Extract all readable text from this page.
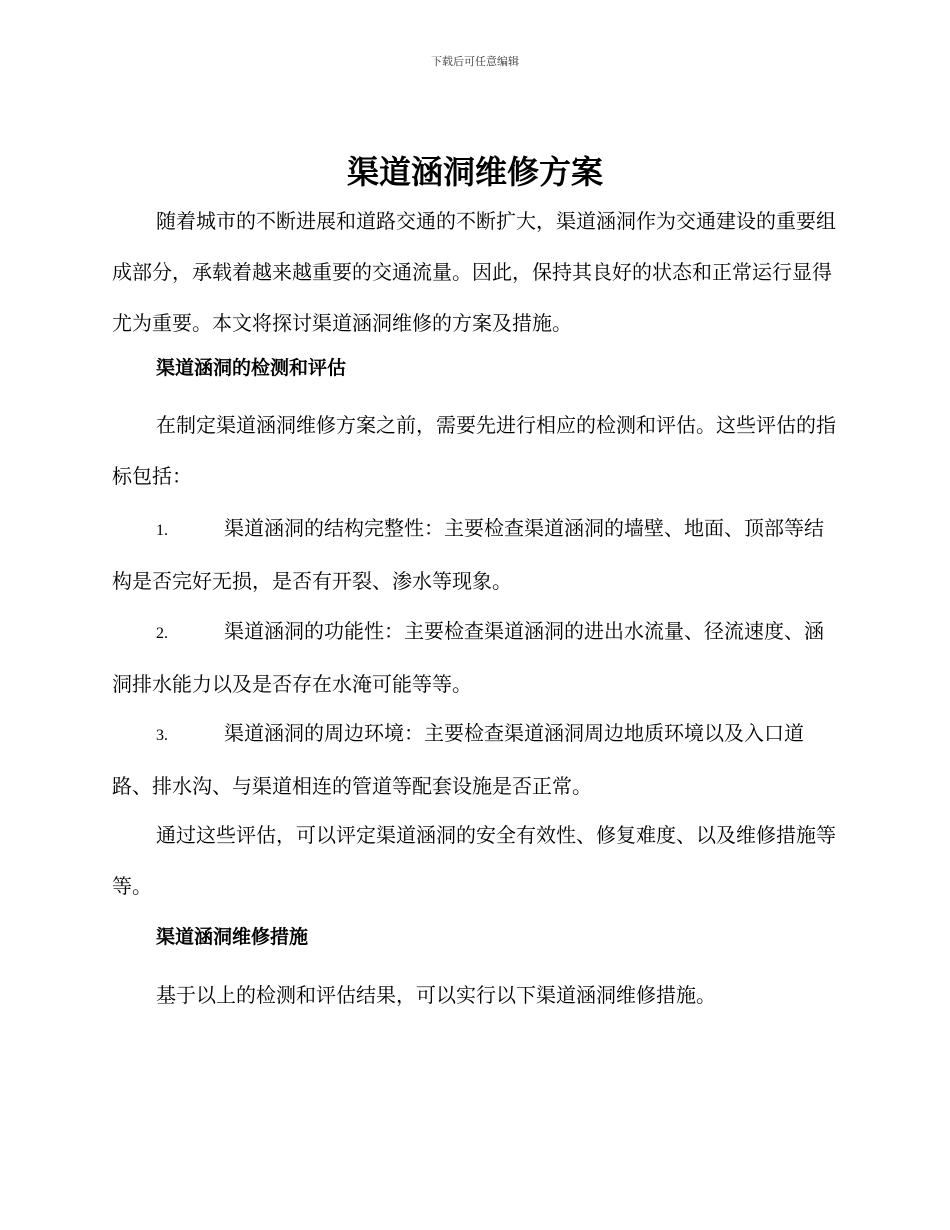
下载后可任意编辑
渠道涵洞维修方案

随着城市的不断进展和道路交通的不断扩大，渠道涵洞作为交通建设的重要组成部分，承载着越来越重要的交通流量。因此，保持其良好的状态和正常运行显得尤为重要。本文将探讨渠道涵洞维修的方案及措施。

渠道涵洞的检测和评估

在制定渠道涵洞维修方案之前，需要先进行相应的检测和评估。这些评估的指标包括：

1.	渠道涵洞的结构完整性：主要检查渠道涵洞的墙壁、地面、顶部等结构是否完好无损，是否有开裂、渗水等现象。

2.	渠道涵洞的功能性：主要检查渠道涵洞的进出水流量、径流速度、涵洞排水能力以及是否存在水淹可能等等。

3.	渠道涵洞的周边环境：主要检查渠道涵洞周边地质环境以及入口道路、排水沟、与渠道相连的管道等配套设施是否正常。

通过这些评估，可以评定渠道涵洞的安全有效性、修复难度、以及维修措施等等。

渠道涵洞维修措施

基于以上的检测和评估结果，可以实行以下渠道涵洞维修措施。
